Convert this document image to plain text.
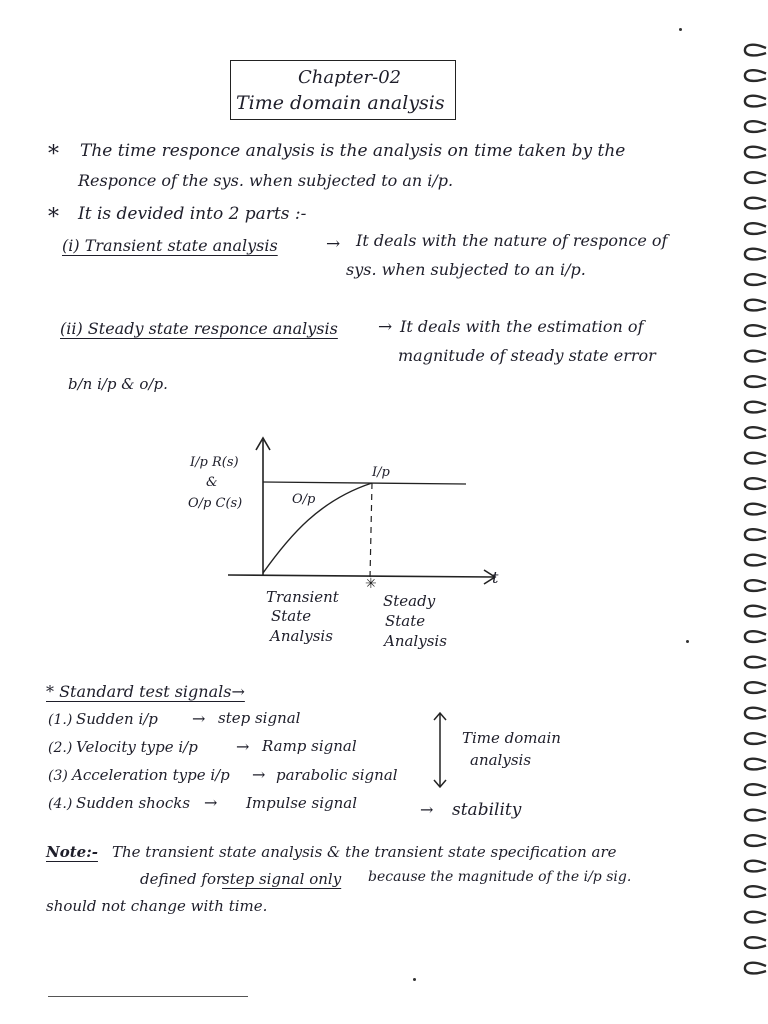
Chapter-02
Time domain analysis
* The time responce analysis is the analysis on time taken by the
Responce of the sys. when subjected to an i/p.
* It is devided into 2 parts :-
(i) Transient state analysis	→ It deals with the nature of responce of
sys. when subjected to an i/p.
(ii) Steady state responce analysis → It deals with the estimation of
magnitude of steady state error
b/n i/p & o/p.
✳
I/p R(s)
&
O/p C(s)
t
I/p
O/p
Transient
State
Analysis
Steady
State
Analysis
* Standard test signals→
(1.) Sudden i/p → step signal
(2.) Velocity type i/p → Ramp signal
(3) Acceleration type i/p → parabolic signal
(4.) Sudden shocks → Impulse signal
Time domain
analysis
→ stability
Note:- The transient state analysis & the transient state specification are
defined for
step signal only because the magnitude of the i/p sig.
should not change with time.
